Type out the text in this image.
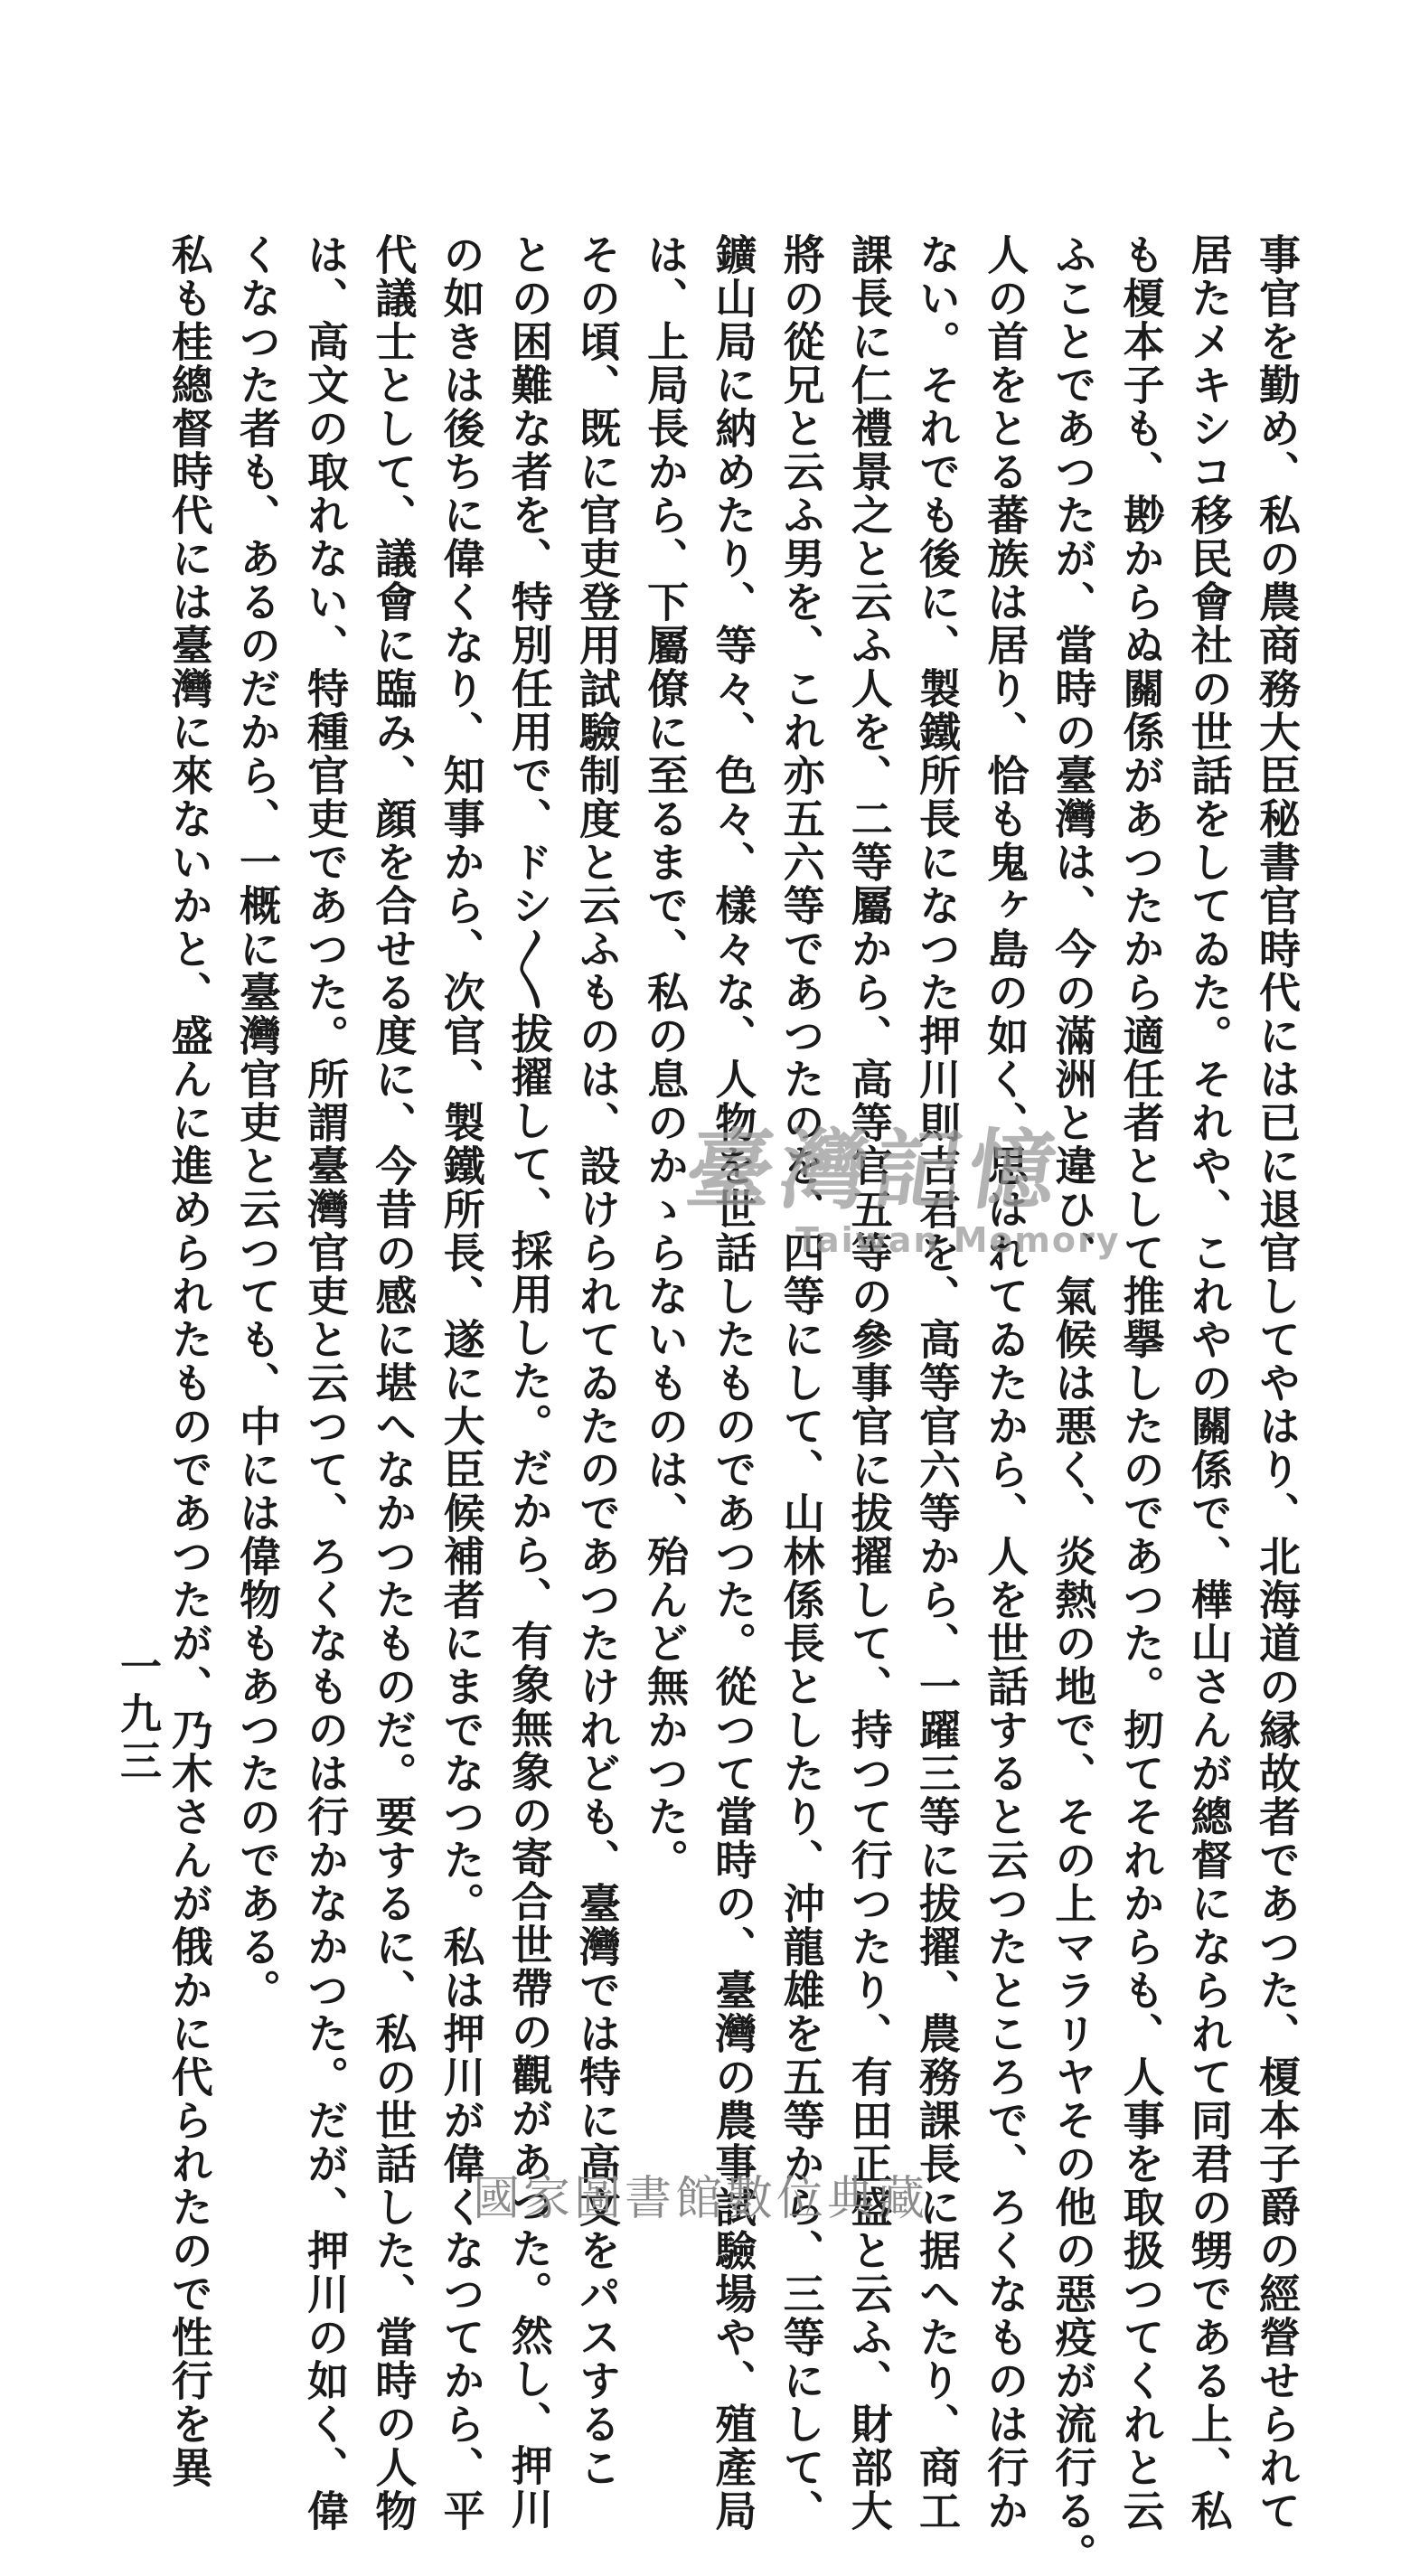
事官を勤め、私の農商務大臣秘書官時代には已に退官してやはり、北海道の縁故者であつた、榎本子爵の經營せられて
居たメキシコ移民會社の世話をしてゐた。それや、これやの關係で、樺山さんが總督になられて同君の甥である上、私
も榎本子も、尠からぬ關係があつたから適任者として推擧したのであつた。扨てそれからも、人事を取扱つてくれと云
ふことであつたが、當時の臺灣は、今の滿洲と違ひ、氣候は悪く、炎熱の地で、その上マラリヤその他の惡疫が流行る。
人の首をとる蕃族は居り、恰も鬼ヶ島の如く、思はれてゐたから、人を世話すると云つたところで、ろくなものは行か
ない。それでも後に、製鐵所長になつた押川則吉君を、高等官六等から、一躍三等に拔擢、農務課長に据へたり、商工
課長に仁禮景之と云ふ人を、二等屬から、高等官五等の參事官に拔擢して、持つて行つたり、有田正盛と云ふ、財部大
將の從兄と云ふ男を、これ亦五六等であつたのを、四等にして、山林係長としたり、沖龍雄を五等から、三等にして、
鑛山局に納めたり、等々、色々、樣々な、人物を世話したものであつた。從つて當時の、臺灣の農事試驗場や、殖產局
は、上局長から、下屬僚に至るまで、私の息のかゝらないものは、殆んど無かつた。
その頃、既に官吏登用試驗制度と云ふものは、設けられてゐたのであつたけれども、臺灣では特に高文をパスするこ
との困難な者を、特別任用で、ドシ〳〵拔擢して、採用した。だから、有象無象の寄合世帶の觀があつた。然し、押川
の如きは後ちに偉くなり、知事から、次官、製鐵所長、遂に大臣候補者にまでなつた。私は押川が偉くなつてから、平
代議士として、議會に臨み、顔を合せる度に、今昔の感に堪へなかつたものだ。要するに、私の世話した、當時の人物
は、高文の取れない、特種官吏であつた。所謂臺灣官吏と云つて、ろくなものは行かなかつた。だが、押川の如く、偉
くなつた者も、あるのだから、一概に臺灣官吏と云つても、中には偉物もあつたのである。
私も桂總督時代には臺灣に來ないかと、盛んに進められたものであつたが、乃木さんが俄かに代られたので性行を異
一九三
臺灣記憶
Taiwan Memory
國家圖書館數位典藏
